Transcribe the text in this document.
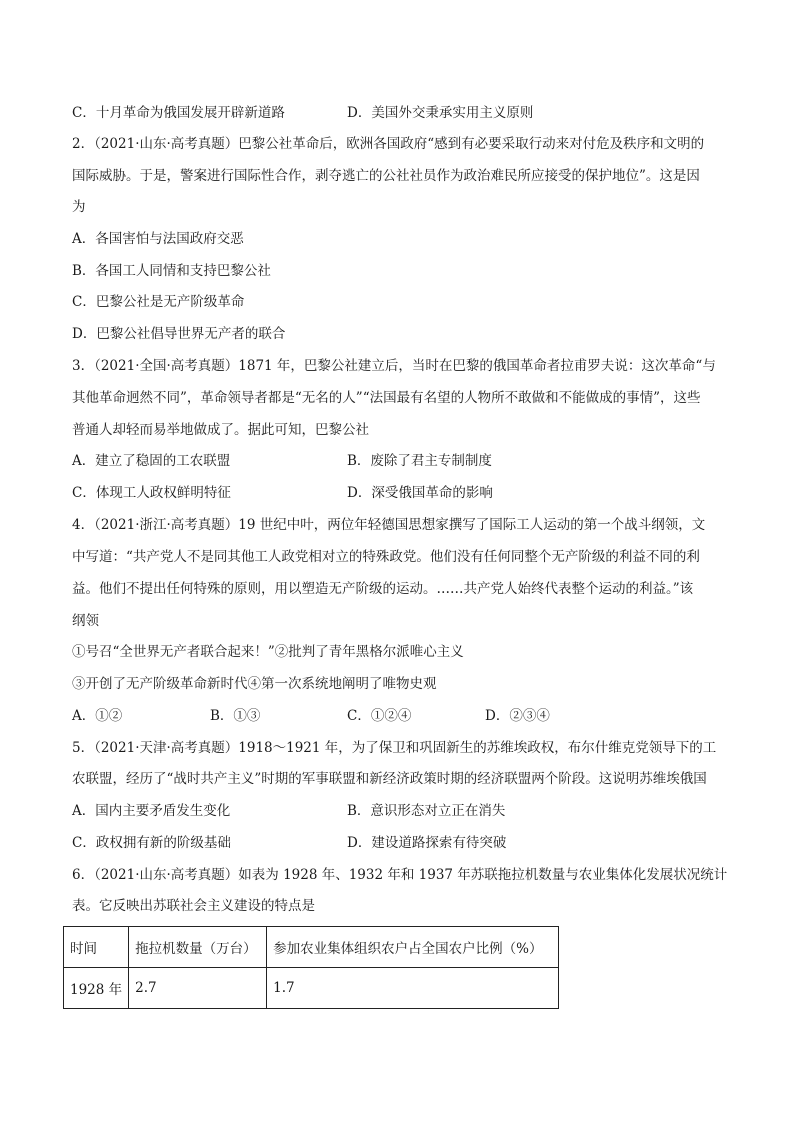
C．十月革命为俄国发展开辟新道路	D．美国外交秉承实用主义原则
2．（2021·山东·高考真题）巴黎公社革命后，欧洲各国政府“感到有必要采取行动来对付危及秩序和文明的
国际威胁。于是，警案进行国际性合作，剥夺逃亡的公社社员作为政治难民所应接受的保护地位”。这是因
为
A．各国害怕与法国政府交恶
B．各国工人同情和支持巴黎公社
C．巴黎公社是无产阶级革命
D．巴黎公社倡导世界无产者的联合
3．（2021·全国·高考真题）1871 年，巴黎公社建立后，当时在巴黎的俄国革命者拉甫罗夫说：这次革命“与
其他革命迥然不同”，革命领导者都是“无名的人”“法国最有名望的人物所不敢做和不能做成的事情”，这些
普通人却轻而易举地做成了。据此可知，巴黎公社
A．建立了稳固的工农联盟	B．废除了君主专制制度
C．体现工人政权鲜明特征	D．深受俄国革命的影响
4．（2021·浙江·高考真题）19 世纪中叶，两位年轻德国思想家撰写了国际工人运动的第一个战斗纲领，文
中写道：“共产党人不是同其他工人政党相对立的特殊政党。他们没有任何同整个无产阶级的利益不同的利
益。他们不提出任何特殊的原则，用以塑造无产阶级的运动。……共产党人始终代表整个运动的利益。”该
纲领
①号召“全世界无产者联合起来！”②批判了青年黑格尔派唯心主义
③开创了无产阶级革命新时代④第一次系统地阐明了唯物史观
A．①②	B．①③	C．①②④	D．②③④
5．（2021·天津·高考真题）1918～1921 年，为了保卫和巩固新生的苏维埃政权，布尔什维克党领导下的工
农联盟，经历了“战时共产主义”时期的军事联盟和新经济政策时期的经济联盟两个阶段。这说明苏维埃俄国
A．国内主要矛盾发生变化	B．意识形态对立正在消失
C．政权拥有新的阶级基础	D．建设道路探索有待突破
6．（2021·山东·高考真题）如表为 1928 年、1932 年和 1937 年苏联拖拉机数量与农业集体化发展状况统计
表。它反映出苏联社会主义建设的特点是
时间	拖拉机数量（万台）	参加农业集体组织农户占全国农户比例（%）
1928 年	2.7	1.7
